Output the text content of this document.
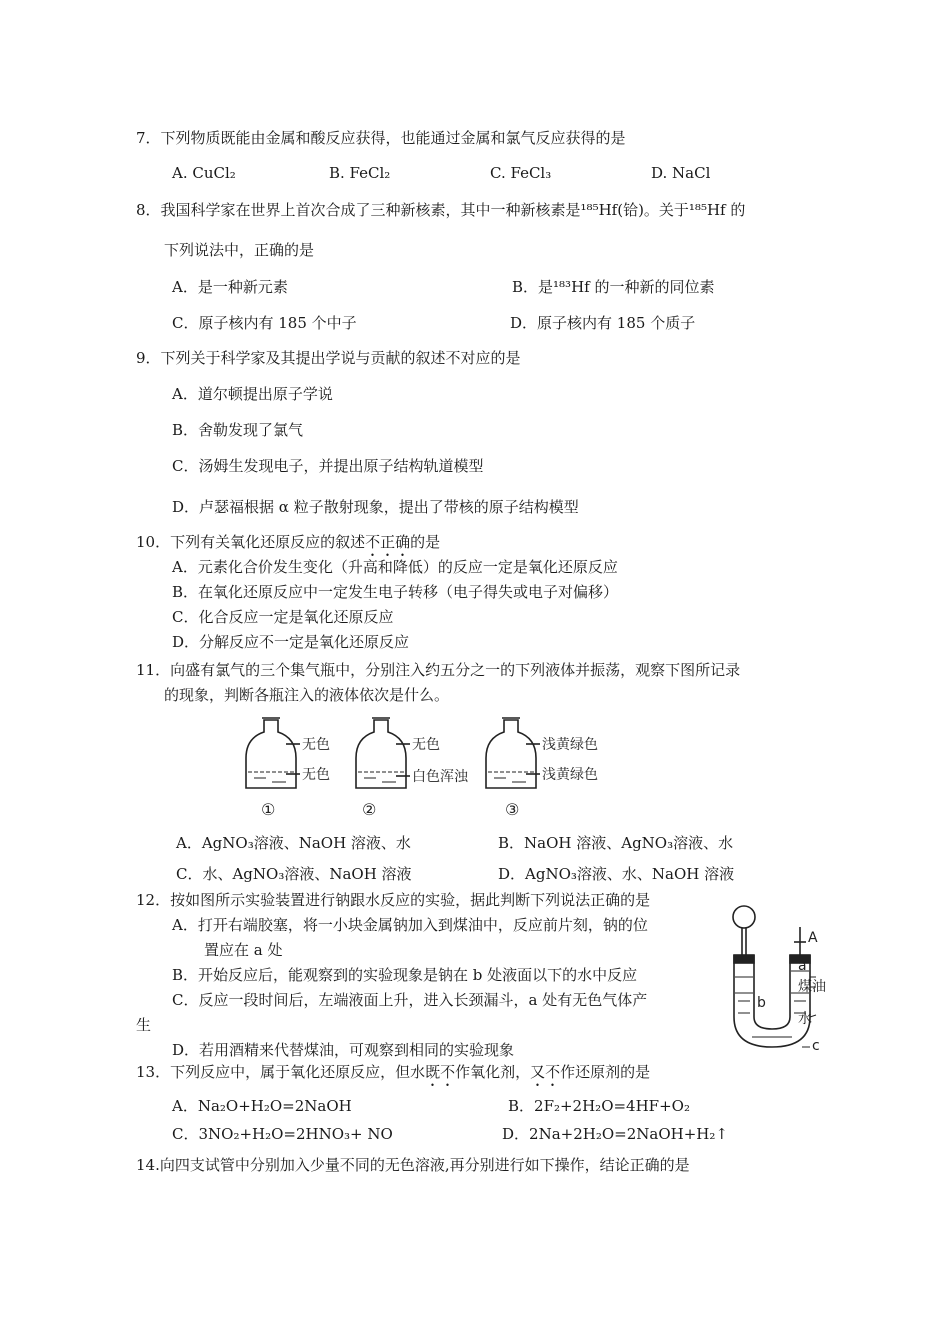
7．下列物质既能由金属和酸反应获得，也能通过金属和氯气反应获得的是
A. CuCl₂	B. FeCl₂	C. FeCl₃	D. NaCl
8．我国科学家在世界上首次合成了三种新核素，其中一种新核素是¹⁸⁵Hf(铪)。关于¹⁸⁵Hf 的
下列说法中，正确的是
A．是一种新元素	B．是¹⁸³Hf 的一种新的同位素
C．原子核内有 185 个中子	D．原子核内有 185 个质子
9．下列关于科学家及其提出学说与贡献的叙述不对应的是
A．道尔顿提出原子学说
B．舍勒发现了氯气
C．汤姆生发现电子，并提出原子结构轨道模型
D．卢瑟福根据 α 粒子散射现象，提出了带核的原子结构模型
10．下列有关氧化还原反应的叙述不正确的是
A．元素化合价发生变化（升高和降低）的反应一定是氧化还原反应
B．在氧化还原反应中一定发生电子转移（电子得失或电子对偏移）
C．化合反应一定是氧化还原反应
D．分解反应不一定是氧化还原反应
11．向盛有氯气的三个集气瓶中，分别注入约五分之一的下列液体并振荡，观察下图所记录
的现象，判断各瓶注入的液体依次是什么。
无色
无色
①
无色
白色浑浊
②
浅黄绿色
浅黄绿色
③
A．AgNO₃溶液、NaOH 溶液、水	B．NaOH 溶液、AgNO₃溶液、水
C．水、AgNO₃溶液、NaOH 溶液	D．AgNO₃溶液、水、NaOH 溶液
12．按如图所示实验装置进行钠跟水反应的实验，据此判断下列说法正确的是
A．打开右端胶塞，将一小块金属钠加入到煤油中，反应前片刻，钠的位
置应在 a 处
B．开始反应后，能观察到的实验现象是钠在 b 处液面以下的水中反应
C．反应一段时间后，左端液面上升，进入长颈漏斗，a 处有无色气体产
生
D．若用酒精来代替煤油，可观察到相同的实验现象
A
a
煤油
b
水
c
13．下列反应中，属于氧化还原反应，但水既不作氧化剂，又不作还原剂的是
A．Na₂O+H₂O=2NaOH	B．2F₂+2H₂O=4HF+O₂
C．3NO₂+H₂O=2HNO₃+ NO	D．2Na+2H₂O=2NaOH+H₂↑
14.向四支试管中分别加入少量不同的无色溶液,再分别进行如下操作，结论正确的是
